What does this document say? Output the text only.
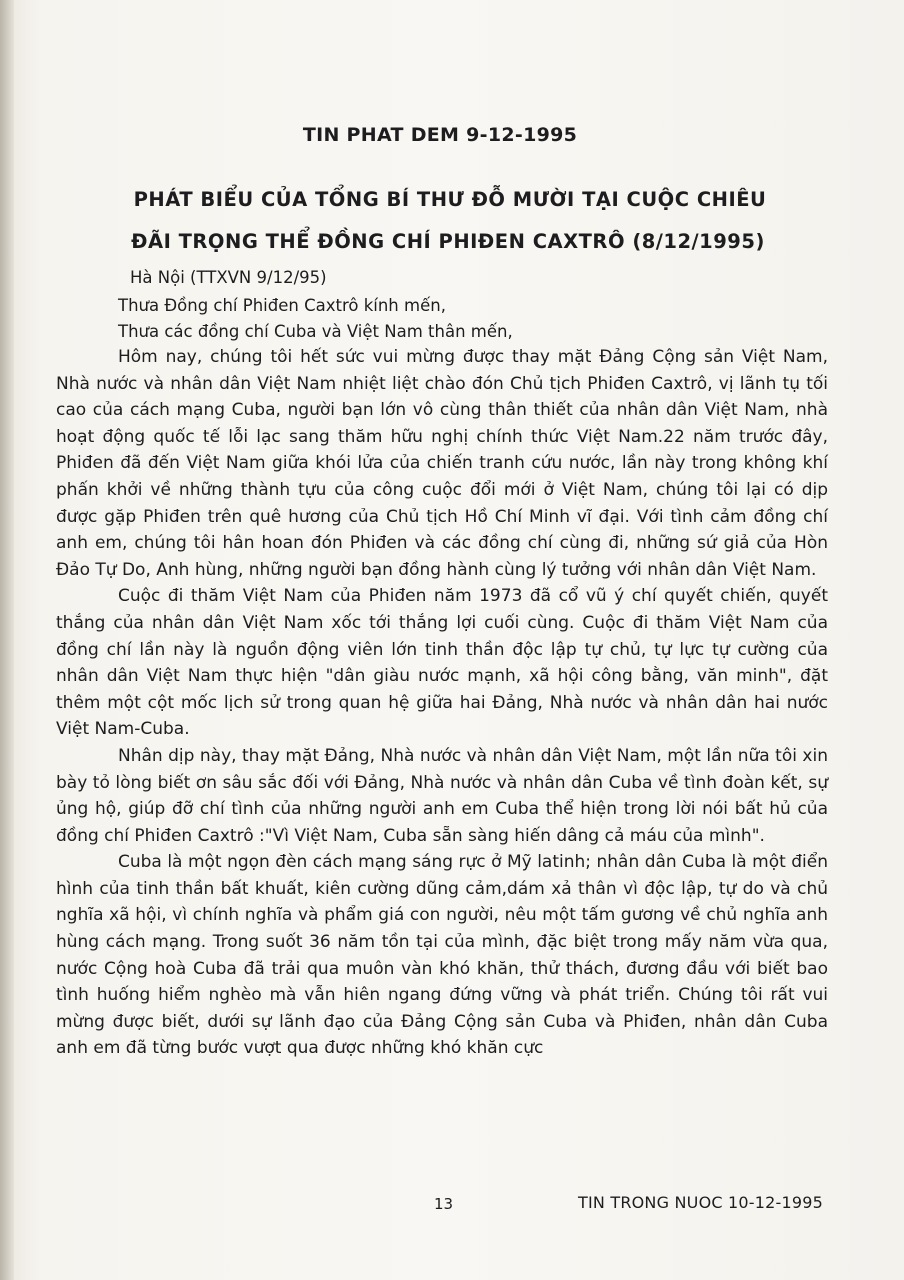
TIN PHAT DEM 9-12-1995
PHÁT BIỂU CỦA TỔNG BÍ THƯ ĐỖ MƯỜI TẠI CUỘC CHIÊU
ĐÃI TRỌNG THỂ ĐỒNG CHÍ PHIĐEN CAXTRÔ (8/12/1995)
Hà Nội (TTXVN 9/12/95)
Thưa Đồng chí Phiđen Caxtrô kính mến,
Thưa các đồng chí Cuba và Việt Nam thân mến,

Hôm nay, chúng tôi hết sức vui mừng được thay mặt Đảng Cộng sản Việt Nam, Nhà nước và nhân dân Việt Nam nhiệt liệt chào đón Chủ tịch Phiđen Caxtrô, vị lãnh tụ tối cao của cách mạng Cuba, người bạn lớn vô cùng thân thiết của nhân dân Việt Nam, nhà hoạt động quốc tế lỗi lạc sang thăm hữu nghị chính thức Việt Nam.22 năm trước đây, Phiđen đã đến Việt Nam giữa khói lửa của chiến tranh cứu nước, lần này trong không khí phấn khởi về những thành tựu của công cuộc đổi mới ở Việt Nam, chúng tôi lại có dịp được gặp Phiđen trên quê hương của Chủ tịch Hồ Chí Minh vĩ đại. Với tình cảm đồng chí anh em, chúng tôi hân hoan đón Phiđen và các đồng chí cùng đi, những sứ giả của Hòn Đảo Tự Do, Anh hùng, những người bạn đồng hành cùng lý tưởng với nhân dân Việt Nam.

Cuộc đi thăm Việt Nam của Phiđen năm 1973 đã cổ vũ ý chí quyết chiến, quyết thắng của nhân dân Việt Nam xốc tới thắng lợi cuối cùng. Cuộc đi thăm Việt Nam của đồng chí lần này là nguồn động viên lớn tinh thần độc lập tự chủ, tự lực tự cường của nhân dân Việt Nam thực hiện "dân giàu nước mạnh, xã hội công bằng, văn minh", đặt thêm một cột mốc lịch sử trong quan hệ giữa hai Đảng, Nhà nước và nhân dân hai nước Việt Nam-Cuba.

Nhân dịp này, thay mặt Đảng, Nhà nước và nhân dân Việt Nam, một lần nữa tôi xin bày tỏ lòng biết ơn sâu sắc đối với Đảng, Nhà nước và nhân dân Cuba về tình đoàn kết, sự ủng hộ, giúp đỡ chí tình của những người anh em Cuba thể hiện trong lời nói bất hủ của đồng chí Phiđen Caxtrô :"Vì Việt Nam, Cuba sẵn sàng hiến dâng cả máu của mình".

Cuba là một ngọn đèn cách mạng sáng rực ở Mỹ latinh; nhân dân Cuba là một điển hình của tinh thần bất khuất, kiên cường dũng cảm,dám xả thân vì độc lập, tự do và chủ nghĩa xã hội, vì chính nghĩa và phẩm giá con người, nêu một tấm gương về chủ nghĩa anh hùng cách mạng. Trong suốt 36 năm tồn tại của mình, đặc biệt trong mấy năm vừa qua, nước Cộng hoà Cuba đã trải qua muôn vàn khó khăn, thử thách, đương đầu với biết bao tình huống hiểm nghèo mà vẫn hiên ngang đứng vững và phát triển. Chúng tôi rất vui mừng được biết, dưới sự lãnh đạo của Đảng Cộng sản Cuba và Phiđen, nhân dân Cuba anh em đã từng bước vượt qua được những khó khăn cực

13	TIN TRONG NUOC 10-12-1995
